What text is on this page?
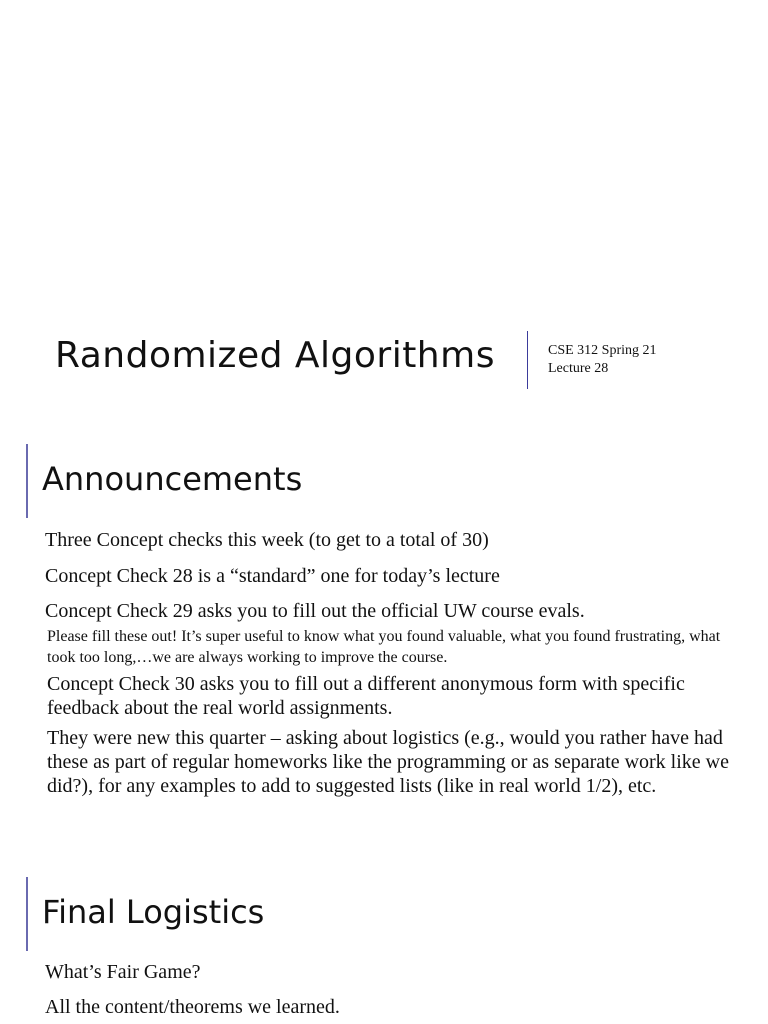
Randomized Algorithms	CSE 312 Spring 21
Lecture 28
Announcements

Three Concept checks this week (to get to a total of 30)

Concept Check 28 is a “standard” one for today’s lecture

Concept Check 29 asks you to fill out the official UW course evals.

Please fill these out! It’s super useful to know what you found valuable, what you found frustrating, what took too long,…we are always working to improve the course.

Concept Check 30 asks you to fill out a different anonymous form with specific feedback about the real world assignments.

They were new this quarter – asking about logistics (e.g., would you rather have had these as part of regular homeworks like the programming or as separate work like we did?), for any examples to add to suggested lists (like in real world 1/2), etc.

Final Logistics

What’s Fair Game?

All the content/theorems we learned.
